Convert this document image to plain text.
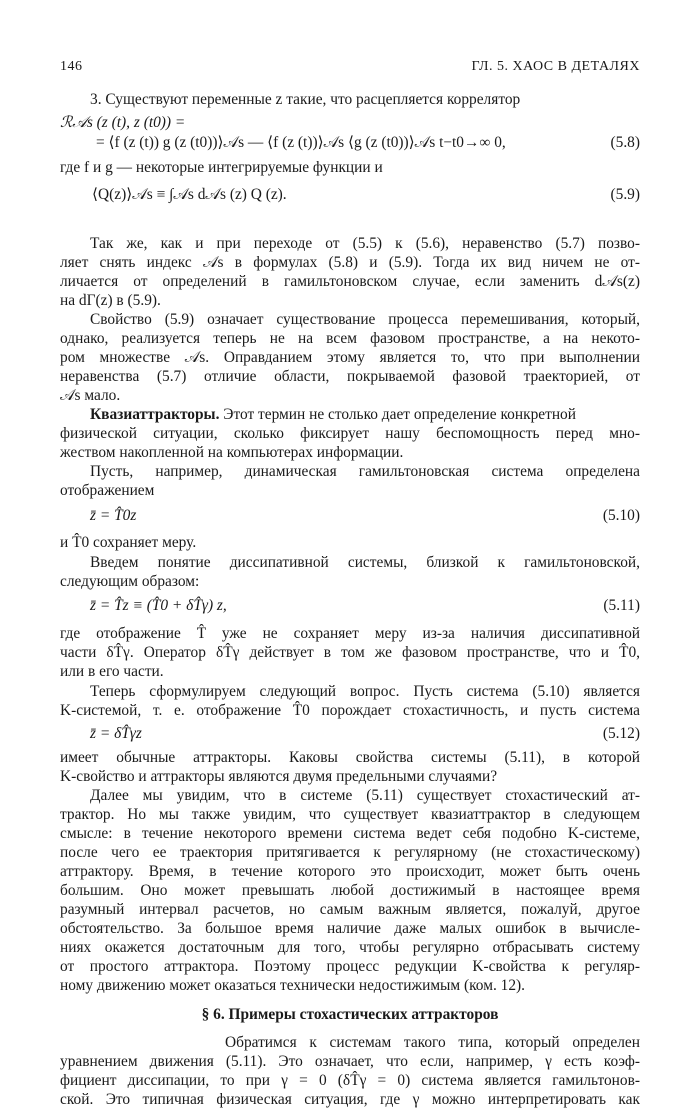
146	ГЛ. 5. ХАОС В ДЕТАЛЯХ
3. Существуют переменные z такие, что расцепляется коррелятор
ℛ𝒜s (z (t), z (t0)) =
= ⟨f (z (t)) g (z (t0))⟩𝒜s — ⟨f (z (t))⟩𝒜s ⟨g (z (t0))⟩𝒜s t−t0→∞ 0,	(5.8)
где f и g — некоторые интегрируемые функции и
⟨Q(z)⟩𝒜s ≡ ∫𝒜s d𝒜s (z) Q (z).	(5.9)
Так же, как и при переходе от (5.5) к (5.6), неравенство (5.7) позво-
ляет снять индекс 𝒜s в формулах (5.8) и (5.9). Тогда их вид ничем не от-
личается от определений в гамильтоновском случае, если заменить d𝒜s(z)
на dΓ(z) в (5.9).
Свойство (5.9) означает существование процесса перемешивания, который,
однако, реализуется теперь не на всем фазовом пространстве, а на некото-
ром множестве 𝒜s. Оправданием этому является то, что при выполнении
неравенства (5.7) отличие области, покрываемой фазовой траекторией, от
𝒜s мало.
Квазиаттракторы. Этот термин не столько дает определение конкретной
физической ситуации, сколько фиксирует нашу беспомощность перед мно-
жеством накопленной на компьютерах информации.
Пусть, например, динамическая гамильтоновская система определена
отображением
z̄ = T̂0z	(5.10)
и T̂0 сохраняет меру.
Введем понятие диссипативной системы, близкой к гамильтоновской,
следующим образом:
z̄ = T̂z ≡ (T̂0 + δT̂γ) z,	(5.11)
где отображение T̂ уже не сохраняет меру из-за наличия диссипативной
части δT̂γ. Оператор δT̂γ действует в том же фазовом пространстве, что и T̂0,
или в его части.
Теперь сформулируем следующий вопрос. Пусть система (5.10) является
K-системой, т. е. отображение T̂0 порождает стохастичность, и пусть система
z̄ = δT̂γz	(5.12)
имеет обычные аттракторы. Каковы свойства системы (5.11), в которой
K-свойство и аттракторы являются двумя предельными случаями?
Далее мы увидим, что в системе (5.11) существует стохастический ат-
трактор. Но мы также увидим, что существует квазиаттрактор в следующем
смысле: в течение некоторого времени система ведет себя подобно K-системе,
после чего ее траектория притягивается к регулярному (не стохастическому)
аттрактору. Время, в течение которого это происходит, может быть очень
большим. Оно может превышать любой достижимый в настоящее время
разумный интервал расчетов, но самым важным является, пожалуй, другое
обстоятельство. За большое время наличие даже малых ошибок в вычисле-
ниях окажется достаточным для того, чтобы регулярно отбрасывать систему
от простого аттрактора. Поэтому процесс редукции K-свойства к регуляр-
ному движению может оказаться технически недостижимым (ком. 12).
§ 6. Примеры стохастических аттракторов
Обратимся к системам такого типа, который определен
уравнением движения (5.11). Это означает, что если, например, γ есть коэф-
фициент диссипации, то при γ = 0 (δT̂γ = 0) система является гамильтонов-
ской. Это типичная физическая ситуация, где γ можно интерпретировать как
